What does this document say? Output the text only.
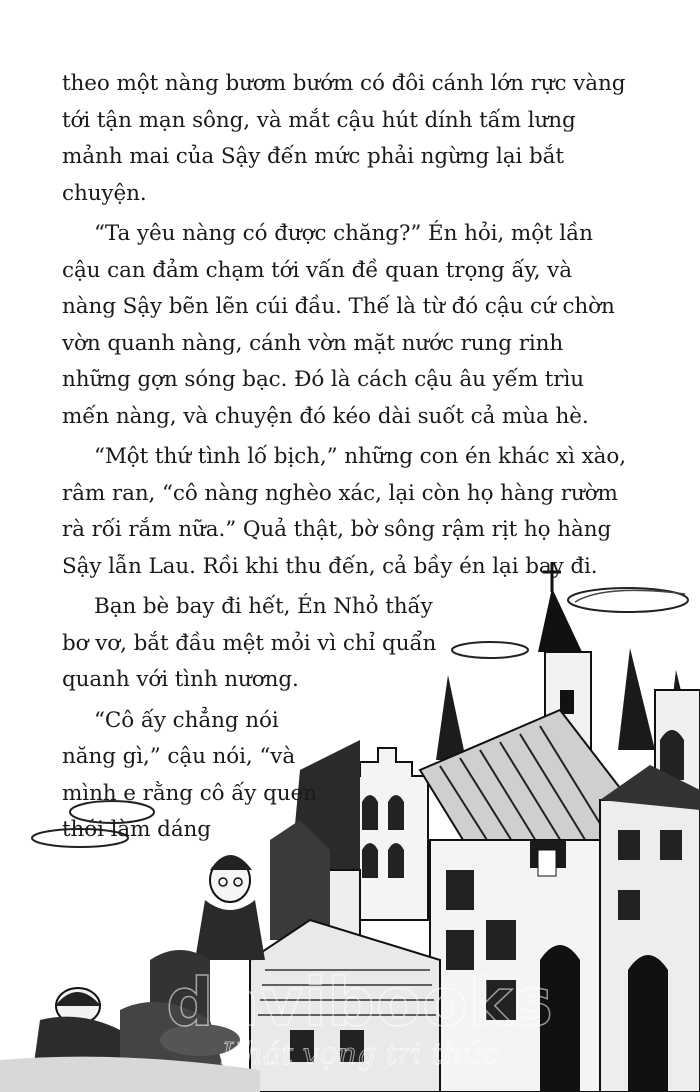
theo một nàng bươm bướm có đôi cánh lớn rực vàng tới tận mạn sông, và mắt cậu hút dính tấm lưng mảnh mai của Sậy đến mức phải ngừng lại bắt chuyện.

“Ta yêu nàng có được chăng?” Én hỏi, một lần cậu can đảm chạm tới vấn đề quan trọng ấy, và nàng Sậy bẽn lẽn cúi đầu. Thế là từ đó cậu cứ chờn vờn quanh nàng, cánh vờn mặt nước rung rinh những gợn sóng bạc. Đó là cách cậu âu yếm trìu mến nàng, và chuyện đó kéo dài suốt cả mùa hè.

“Một thứ tình lố bịch,” những con én khác xì xào, râm ran, “cô nàng nghèo xác, lại còn họ hàng rườm rà rối rắm nữa.” Quả thật, bờ sông rậm rịt họ hàng Sậy lẫn Lau. Rồi khi thu đến, cả bầy én lại bay đi.

Bạn bè bay đi hết, Én Nhỏ thấy bơ vơ, bắt đầu mệt mỏi vì chỉ quẩn quanh với tình nương.

“Cô ấy chẳng nói năng gì,” cậu nói, “và mình e rằng cô ấy quen thói làm dáng
